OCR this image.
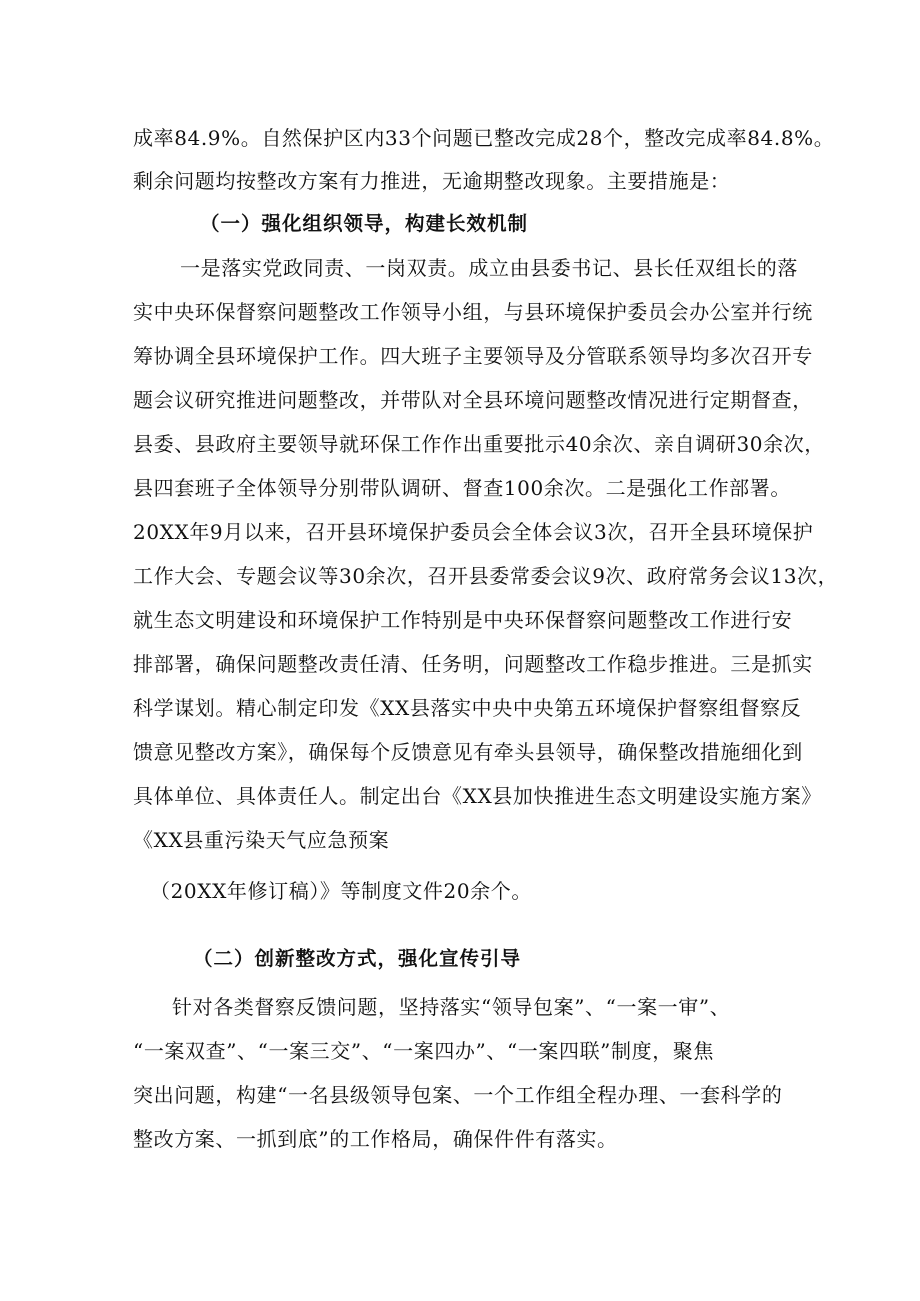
成率84.9%。自然保护区内33个问题已整改完成28个，整改完成率84.8%。
剩余问题均按整改方案有力推进，无逾期整改现象。主要措施是：
（一）强化组织领导，构建长效机制
一是落实党政同责、一岗双责。成立由县委书记、县长任双组长的落
实中央环保督察问题整改工作领导小组，与县环境保护委员会办公室并行统
筹协调全县环境保护工作。四大班子主要领导及分管联系领导均多次召开专
题会议研究推进问题整改，并带队对全县环境问题整改情况进行定期督查，
县委、县政府主要领导就环保工作作出重要批示40余次、亲自调研30余次，
县四套班子全体领导分别带队调研、督查100余次。二是强化工作部署。
20XX年9月以来，召开县环境保护委员会全体会议3次，召开全县环境保护
工作大会、专题会议等30余次，召开县委常委会议9次、政府常务会议13次，
就生态文明建设和环境保护工作特别是中央环保督察问题整改工作进行安
排部署，确保问题整改责任清、任务明，问题整改工作稳步推进。三是抓实
科学谋划。精心制定印发《XX县落实中央中央第五环境保护督察组督察反
馈意见整改方案》，确保每个反馈意见有牵头县领导，确保整改措施细化到
具体单位、具体责任人。制定出台《XX县加快推进生态文明建设实施方案》
《XX县重污染天气应急预案
（20XX年修订稿）》等制度文件20余个。
（二）创新整改方式，强化宣传引导
针对各类督察反馈问题，坚持落实“领导包案”、“一案一审”、
“一案双查”、“一案三交”、“一案四办”、“一案四联”制度，聚焦
突出问题，构建“一名县级领导包案、一个工作组全程办理、一套科学的
整改方案、一抓到底”的工作格局，确保件件有落实。
